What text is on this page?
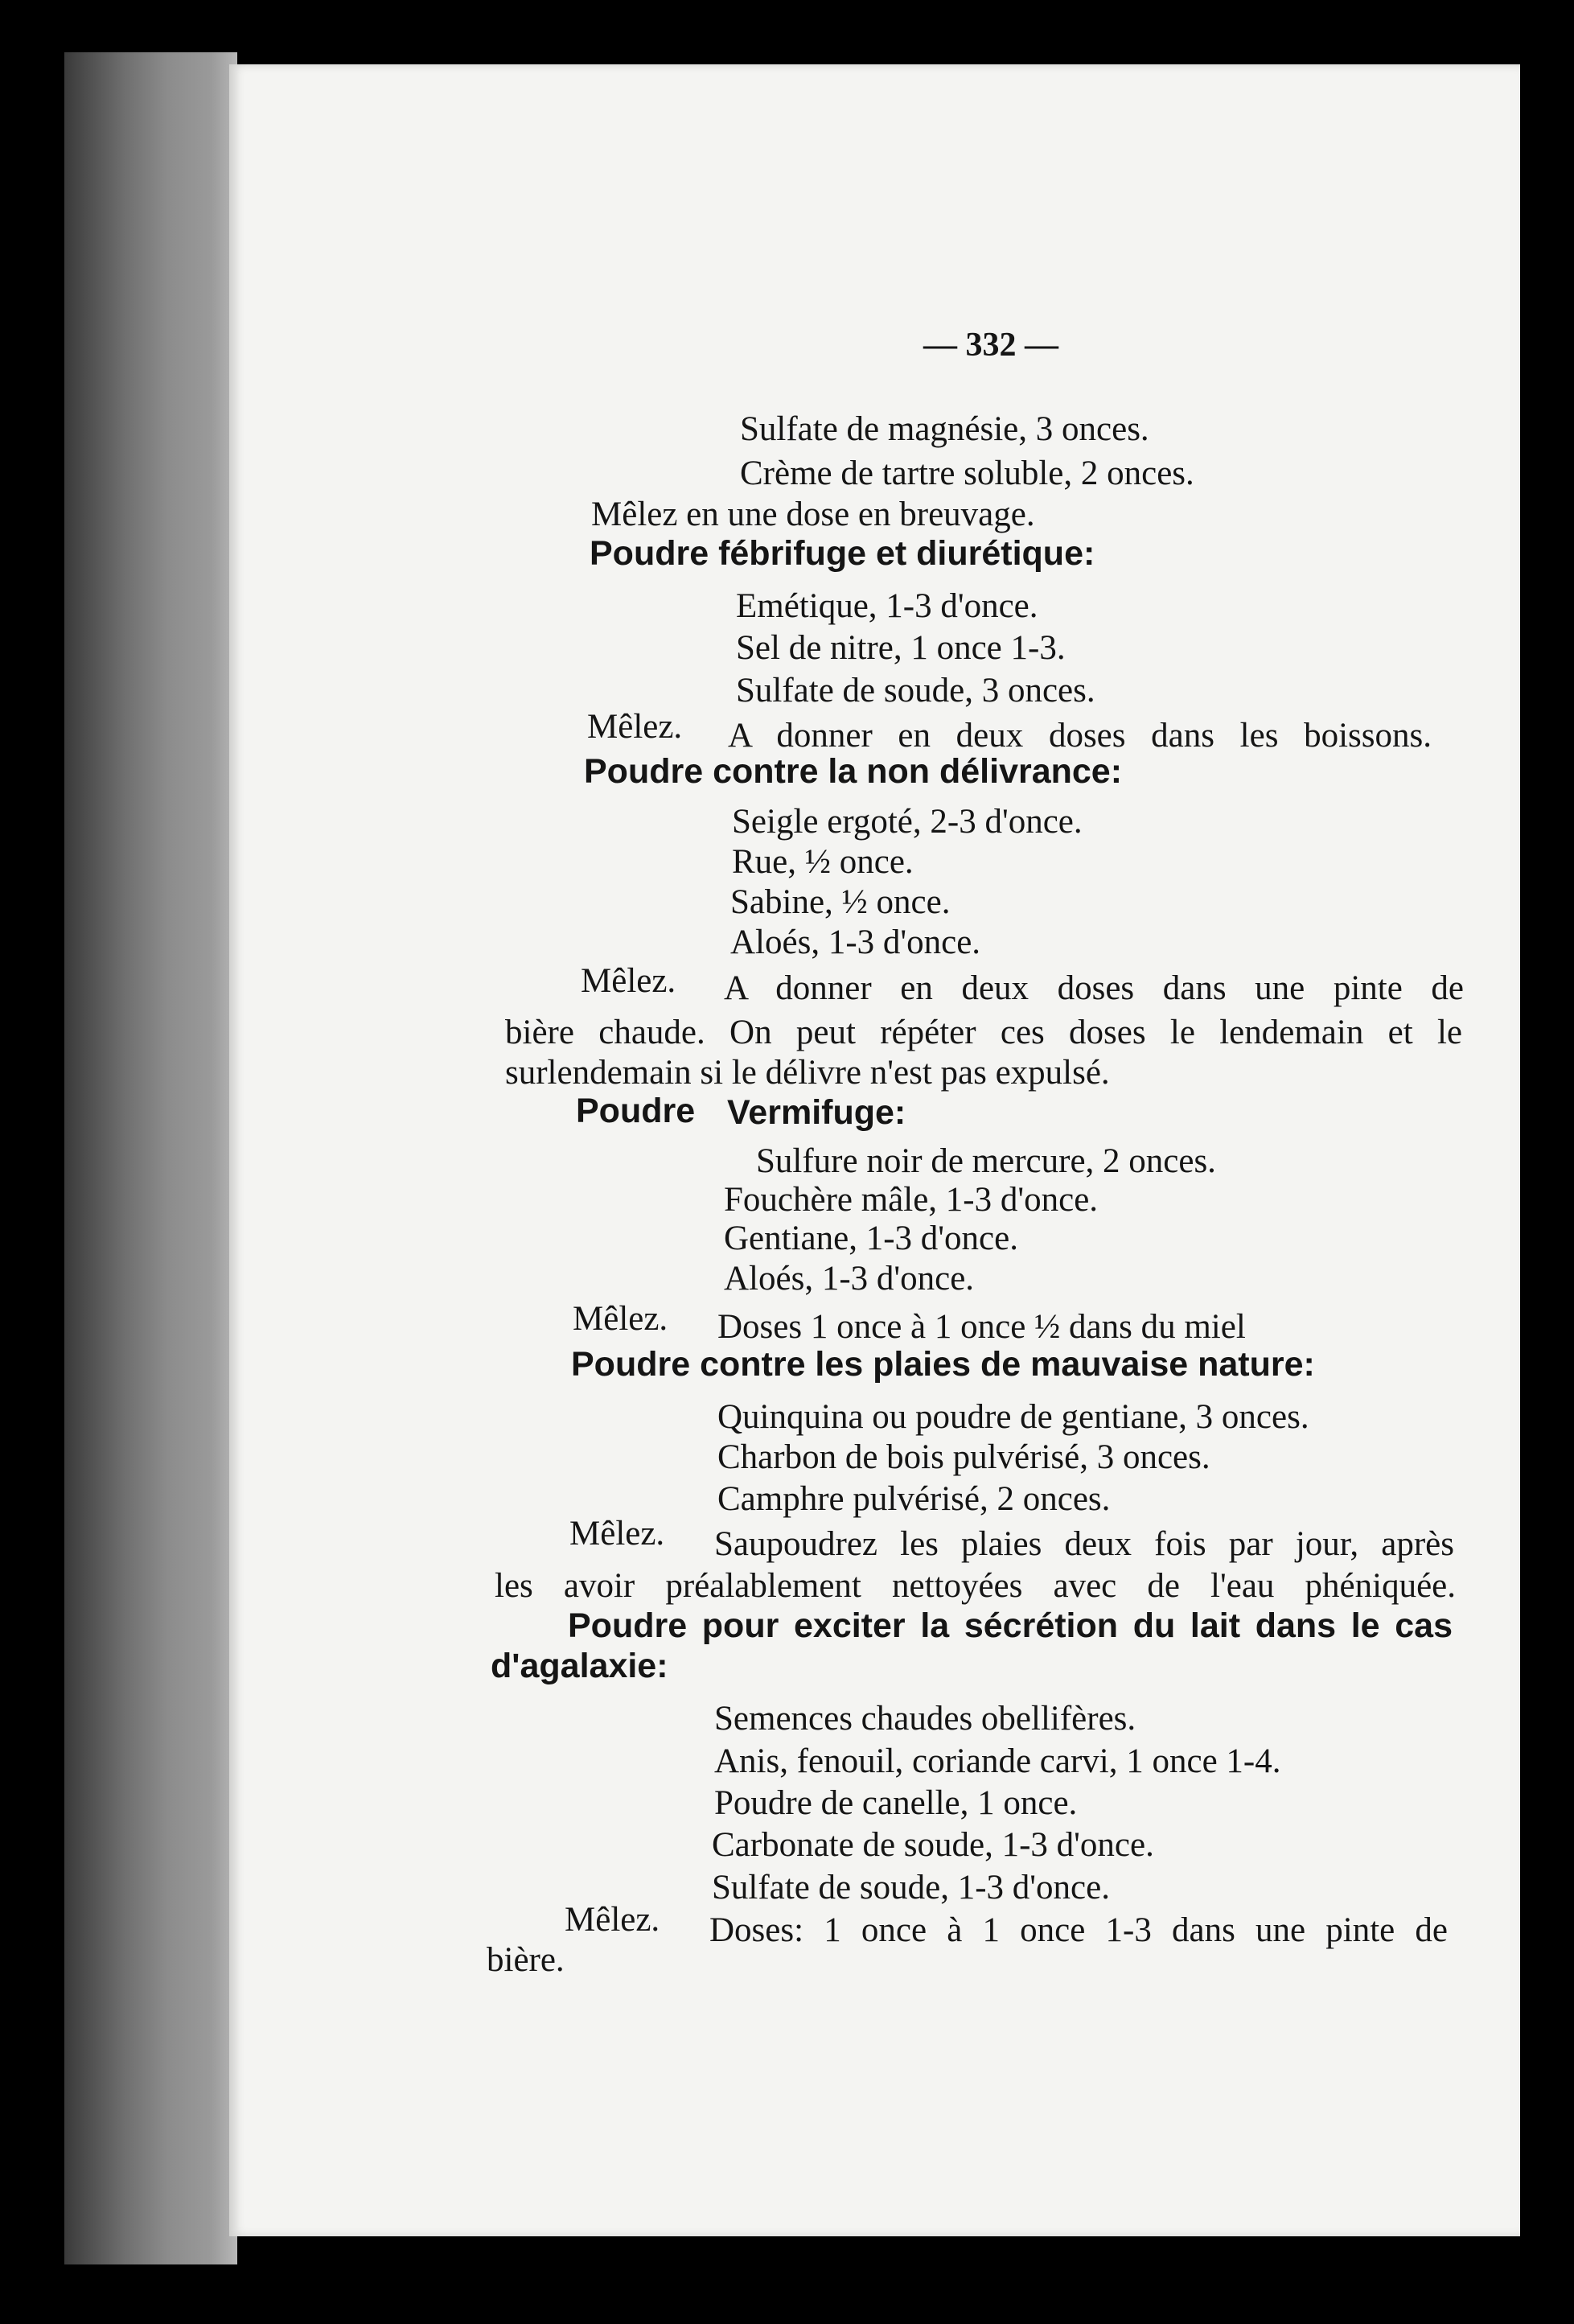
— 332 —
Sulfate de magnésie, 3 onces.
Crème de tartre soluble, 2 onces.
Mêlez en une dose en breuvage.
Poudre fébrifuge et diurétique:
Emétique, 1-3 d'once.
Sel de nitre, 1 once 1-3.
Sulfate de soude, 3 onces.
Mêlez. A donner en deux doses dans les boissons.
Poudre contre la non délivrance:
Seigle ergoté, 2-3 d'once.
Rue, ½ once.
Sabine, ½ once.
Aloés, 1-3 d'once.
Mêlez. A donner en deux doses dans une pinte de
bière chaude. On peut répéter ces doses le lendemain et le
surlendemain si le délivre n'est pas expulsé.
Poudre Vermifuge:
Sulfure noir de mercure, 2 onces.
Fouchère mâle, 1-3 d'once.
Gentiane, 1-3 d'once.
Aloés, 1-3 d'once.
Mêlez. Doses 1 once à 1 once ½ dans du miel
Poudre contre les plaies de mauvaise nature:
Quinquina ou poudre de gentiane, 3 onces.
Charbon de bois pulvérisé, 3 onces.
Camphre pulvérisé, 2 onces.
Mêlez. Saupoudrez les plaies deux fois par jour, après
les avoir préalablement nettoyées avec de l'eau phéniquée.
Poudre pour exciter la sécrétion du lait dans le cas
d'agalaxie:
Semences chaudes obellifères.
Anis, fenouil, coriande carvi, 1 once 1-4.
Poudre de canelle, 1 once.
Carbonate de soude, 1-3 d'once.
Sulfate de soude, 1-3 d'once.
Mêlez. Doses: 1 once à 1 once 1-3 dans une pinte de
bière.
